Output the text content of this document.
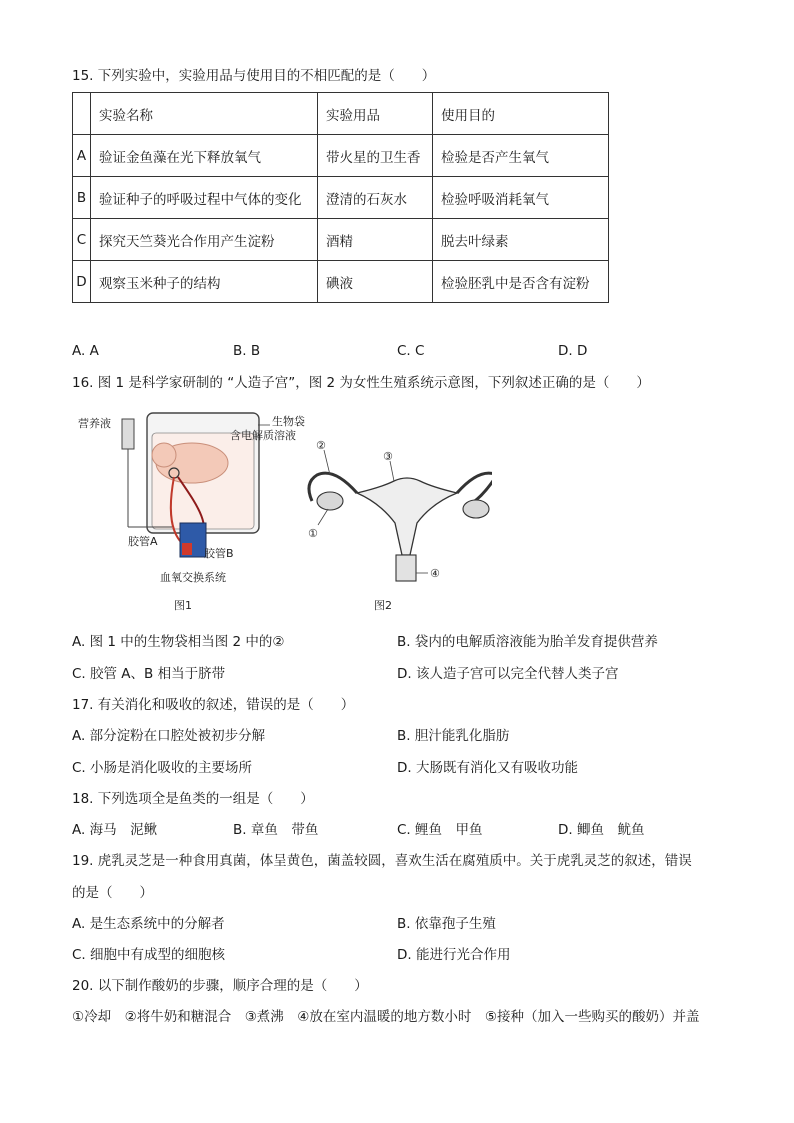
15. 下列实验中，实验用品与使用目的不相匹配的是（　　）
	实验名称	实验用品	使用目的
A	验证金鱼藻在光下释放氧气	带火星的卫生香	检验是否产生氧气
B	验证种子的呼吸过程中气体的变化	澄清的石灰水	检验呼吸消耗氧气
C	探究天竺葵光合作用产生淀粉	酒精	脱去叶绿素
D	观察玉米种子的结构	碘液	检验胚乳中是否含有淀粉
A. A	B. B	C. C	D. D
16. 图 1 是科学家研制的 “人造子宫”，图 2 为女性生殖系统示意图，下列叙述正确的是（　　）
营养液	生物袋
含电解质溶液
胶管A
胶管B
血氧交换系统
图1
②
③
①
④
图2
A. 图 1 中的生物袋相当图 2 中的②	B. 袋内的电解质溶液能为胎羊发育提供营养
C. 胶管 A、B 相当于脐带	D. 该人造子宫可以完全代替人类子宫
17. 有关消化和吸收的叙述，错误的是（　　）
A. 部分淀粉在口腔处被初步分解	B. 胆汁能乳化脂肪
C. 小肠是消化吸收的主要场所	D. 大肠既有消化又有吸收功能
18. 下列选项全是鱼类的一组是（　　）
A. 海马　泥鳅	B. 章鱼　带鱼	C. 鲤鱼　甲鱼	D. 鲫鱼　鱿鱼
19. 虎乳灵芝是一种食用真菌，体呈黄色，菌盖较圆，喜欢生活在腐殖质中。关于虎乳灵芝的叙述，错误
的是（　　）
A. 是生态系统中的分解者	B. 依靠孢子生殖
C. 细胞中有成型的细胞核	D. 能进行光合作用
20. 以下制作酸奶的步骤，顺序合理的是（　　）
①冷却　②将牛奶和糖混合　③煮沸　④放在室内温暖的地方数小时　⑤接种（加入一些购买的酸奶）并盖
